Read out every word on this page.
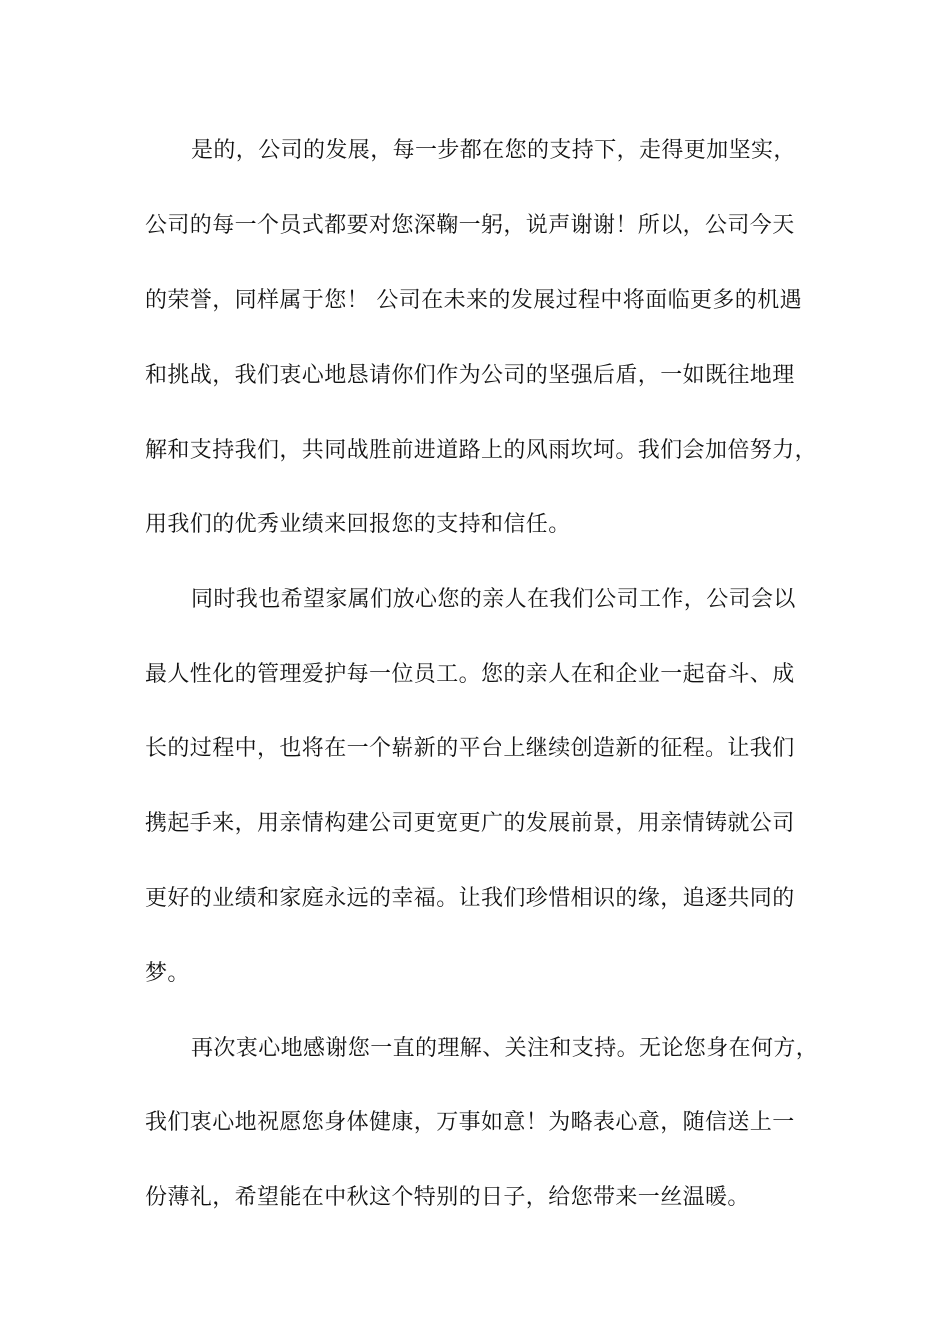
是的，公司的发展，每一步都在您的支持下，走得更加坚实，
公司的每一个员式都要对您深鞠一躬，说声谢谢！所以，公司今天
的荣誉，同样属于您！ 公司在未来的发展过程中将面临更多的机遇
和挑战，我们衷心地恳请你们作为公司的坚强后盾，一如既往地理
解和支持我们，共同战胜前进道路上的风雨坎坷。我们会加倍努力，
用我们的优秀业绩来回报您的支持和信任。
同时我也希望家属们放心您的亲人在我们公司工作，公司会以
最人性化的管理爱护每一位员工。您的亲人在和企业一起奋斗、成
长的过程中，也将在一个崭新的平台上继续创造新的征程。让我们
携起手来，用亲情构建公司更宽更广的发展前景，用亲情铸就公司
更好的业绩和家庭永远的幸福。让我们珍惜相识的缘，追逐共同的
梦。
再次衷心地感谢您一直的理解、关注和支持。无论您身在何方，
我们衷心地祝愿您身体健康，万事如意！为略表心意，随信送上一
份薄礼，希望能在中秋这个特别的日子，给您带来一丝温暖。
